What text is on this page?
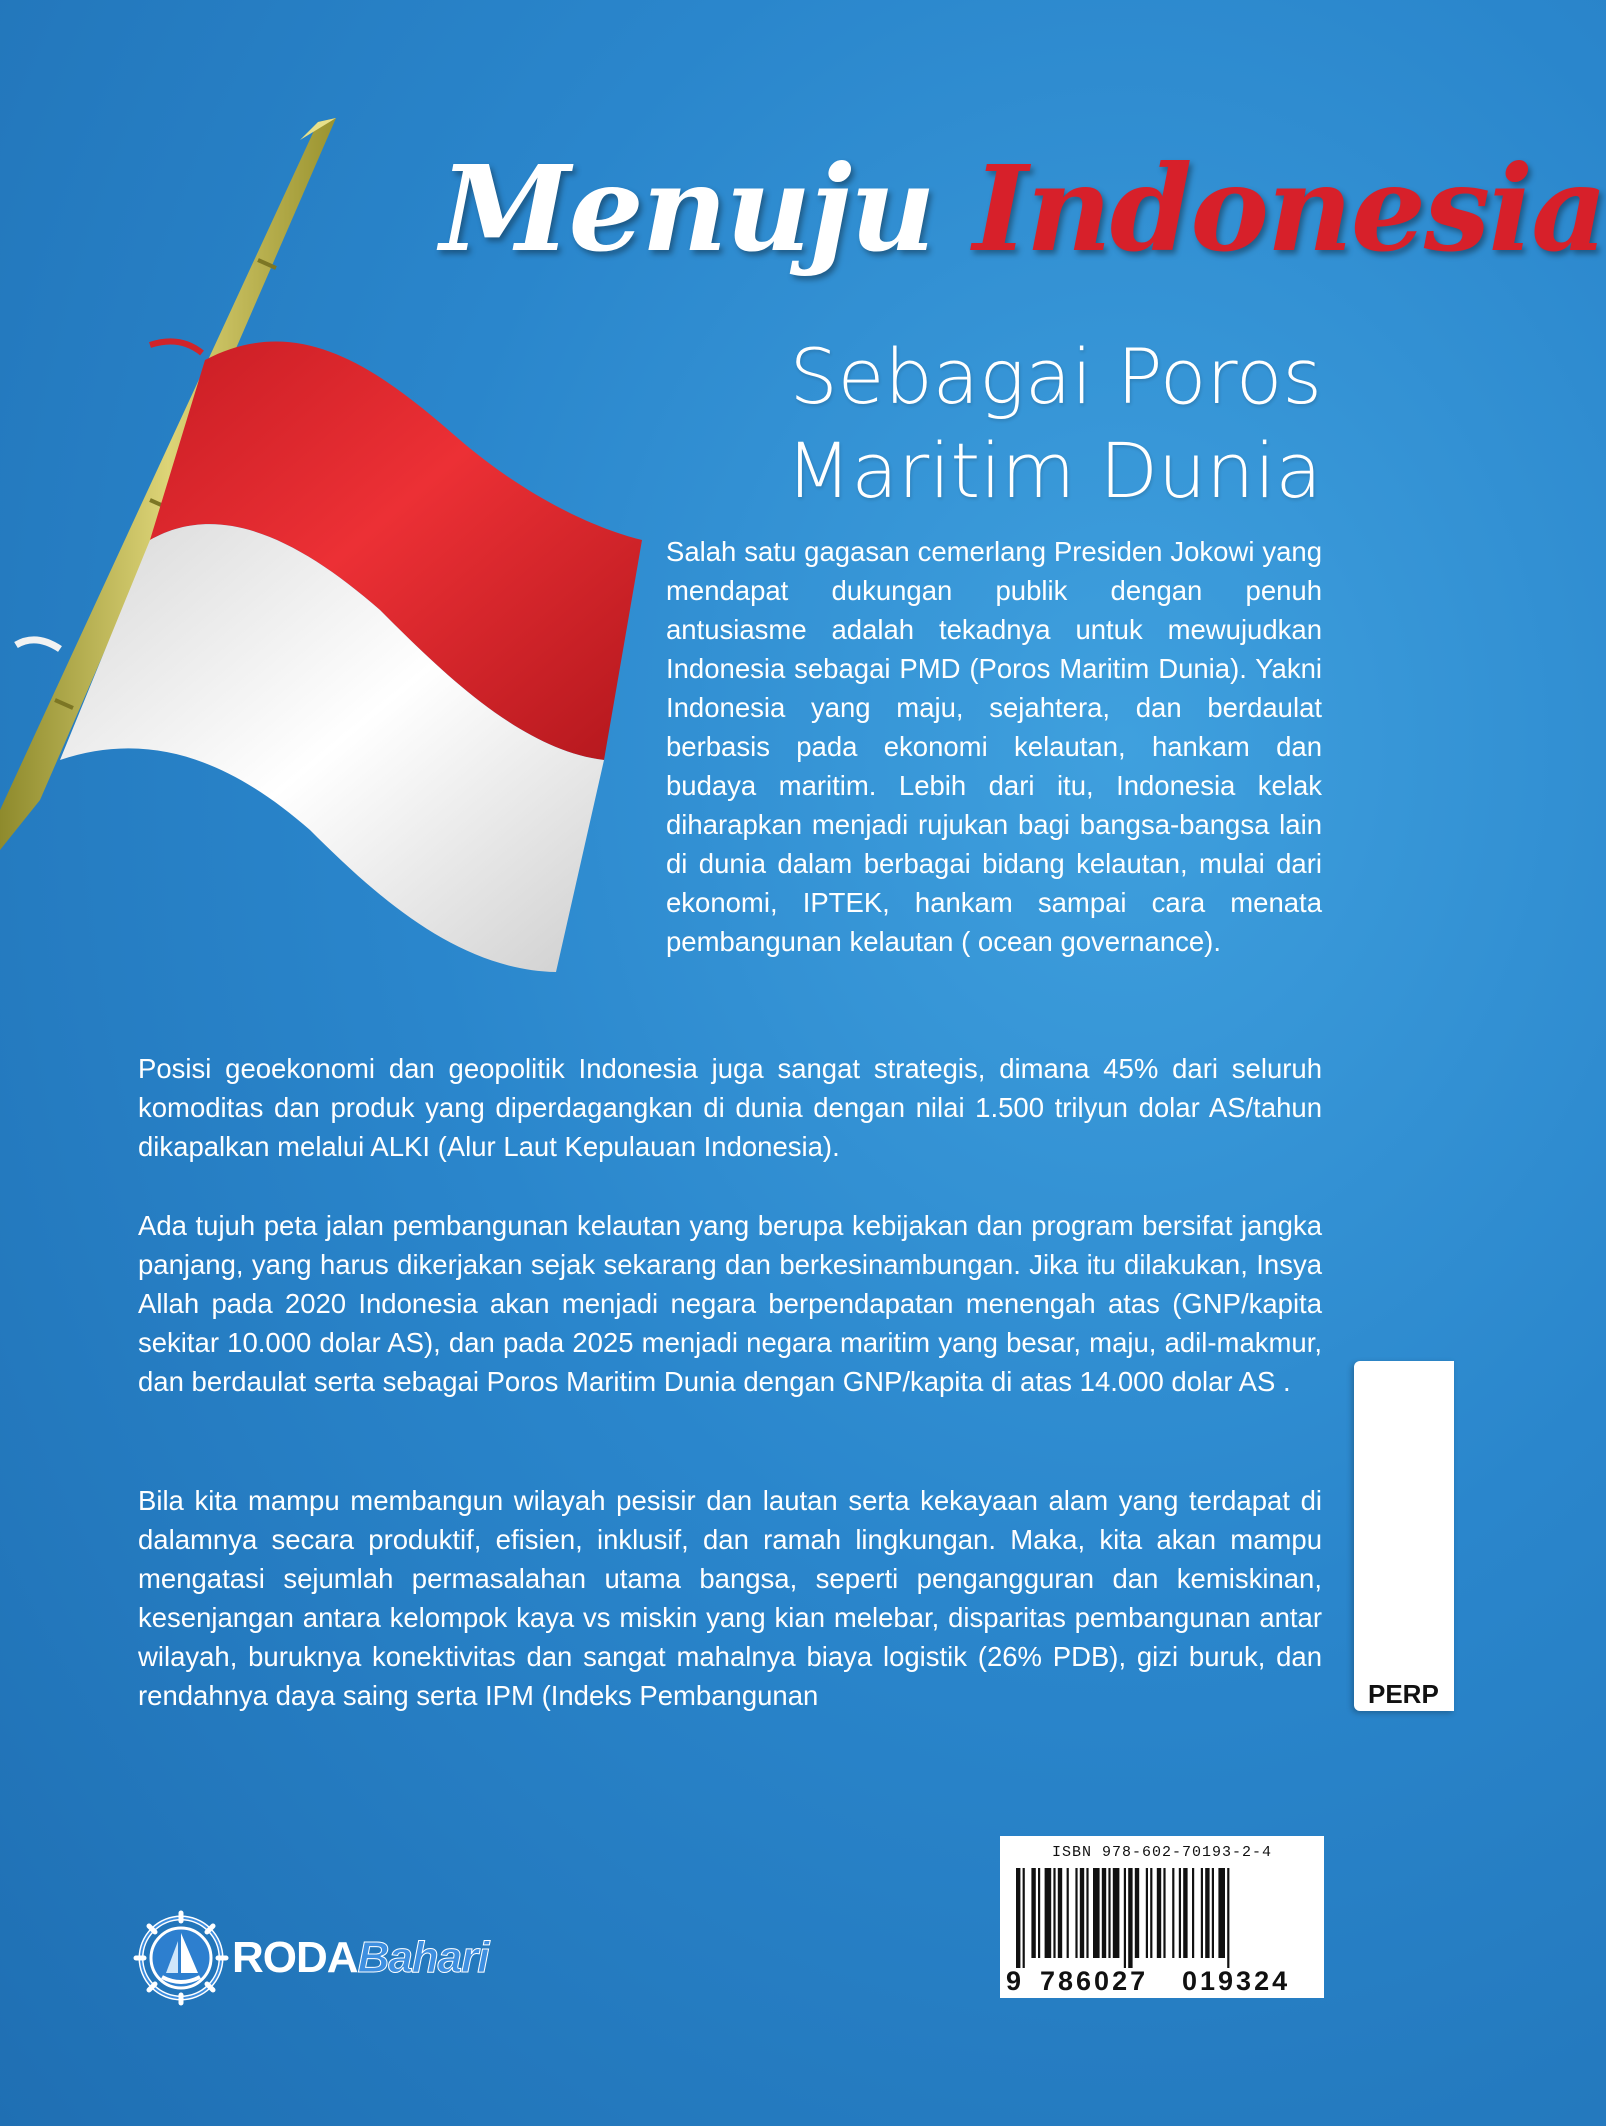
Menuju Indonesia
Sebagai Poros
Maritim Dunia
Salah satu gagasan cemerlang Presiden Jokowi yang mendapat dukungan publik dengan penuh antusiasme adalah tekadnya untuk mewujudkan Indonesia sebagai PMD (Poros Maritim Dunia). Yakni Indonesia yang maju, sejahtera, dan berdaulat berbasis pada ekonomi kelautan, hankam dan budaya maritim. Lebih dari itu, Indonesia kelak diharapkan menjadi rujukan bagi bangsa-bangsa lain di dunia dalam berbagai bidang kelautan, mulai dari ekonomi, IPTEK, hankam sampai cara menata pembangunan kelautan ( ocean governance).
Posisi geoekonomi dan geopolitik Indonesia juga sangat strategis, dimana 45% dari seluruh komoditas dan produk yang diperdagangkan di dunia dengan nilai 1.500 trilyun dolar AS/tahun dikapalkan melalui ALKI (Alur Laut Kepulauan Indonesia).
Ada tujuh peta jalan pembangunan kelautan yang berupa kebijakan dan program bersifat jangka panjang, yang harus dikerjakan sejak sekarang dan berkesinambungan. Jika itu dilakukan, Insya Allah pada 2020 Indonesia akan menjadi negara berpendapatan menengah atas (GNP/kapita sekitar 10.000 dolar AS), dan pada 2025 menjadi negara maritim yang besar, maju, adil-makmur, dan berdaulat serta sebagai Poros Maritim Dunia dengan GNP/kapita di atas 14.000 dolar AS .
Bila kita mampu membangun wilayah pesisir dan lautan serta kekayaan alam yang terdapat di dalamnya secara produktif, efisien, inklusif, dan ramah lingkungan. Maka, kita akan mampu mengatasi sejumlah permasalahan utama bangsa, seperti pengangguran dan kemiskinan, kesenjangan antara kelompok kaya vs miskin yang kian melebar, disparitas pembangunan antar wilayah, buruknya konektivitas dan sangat mahalnya biaya logistik (26% PDB), gizi buruk, dan rendahnya daya saing serta IPM (Indeks Pembangunan	PERP
RODA Bahari
ISBN 978-602-70193-2-4
9 786027 019324
